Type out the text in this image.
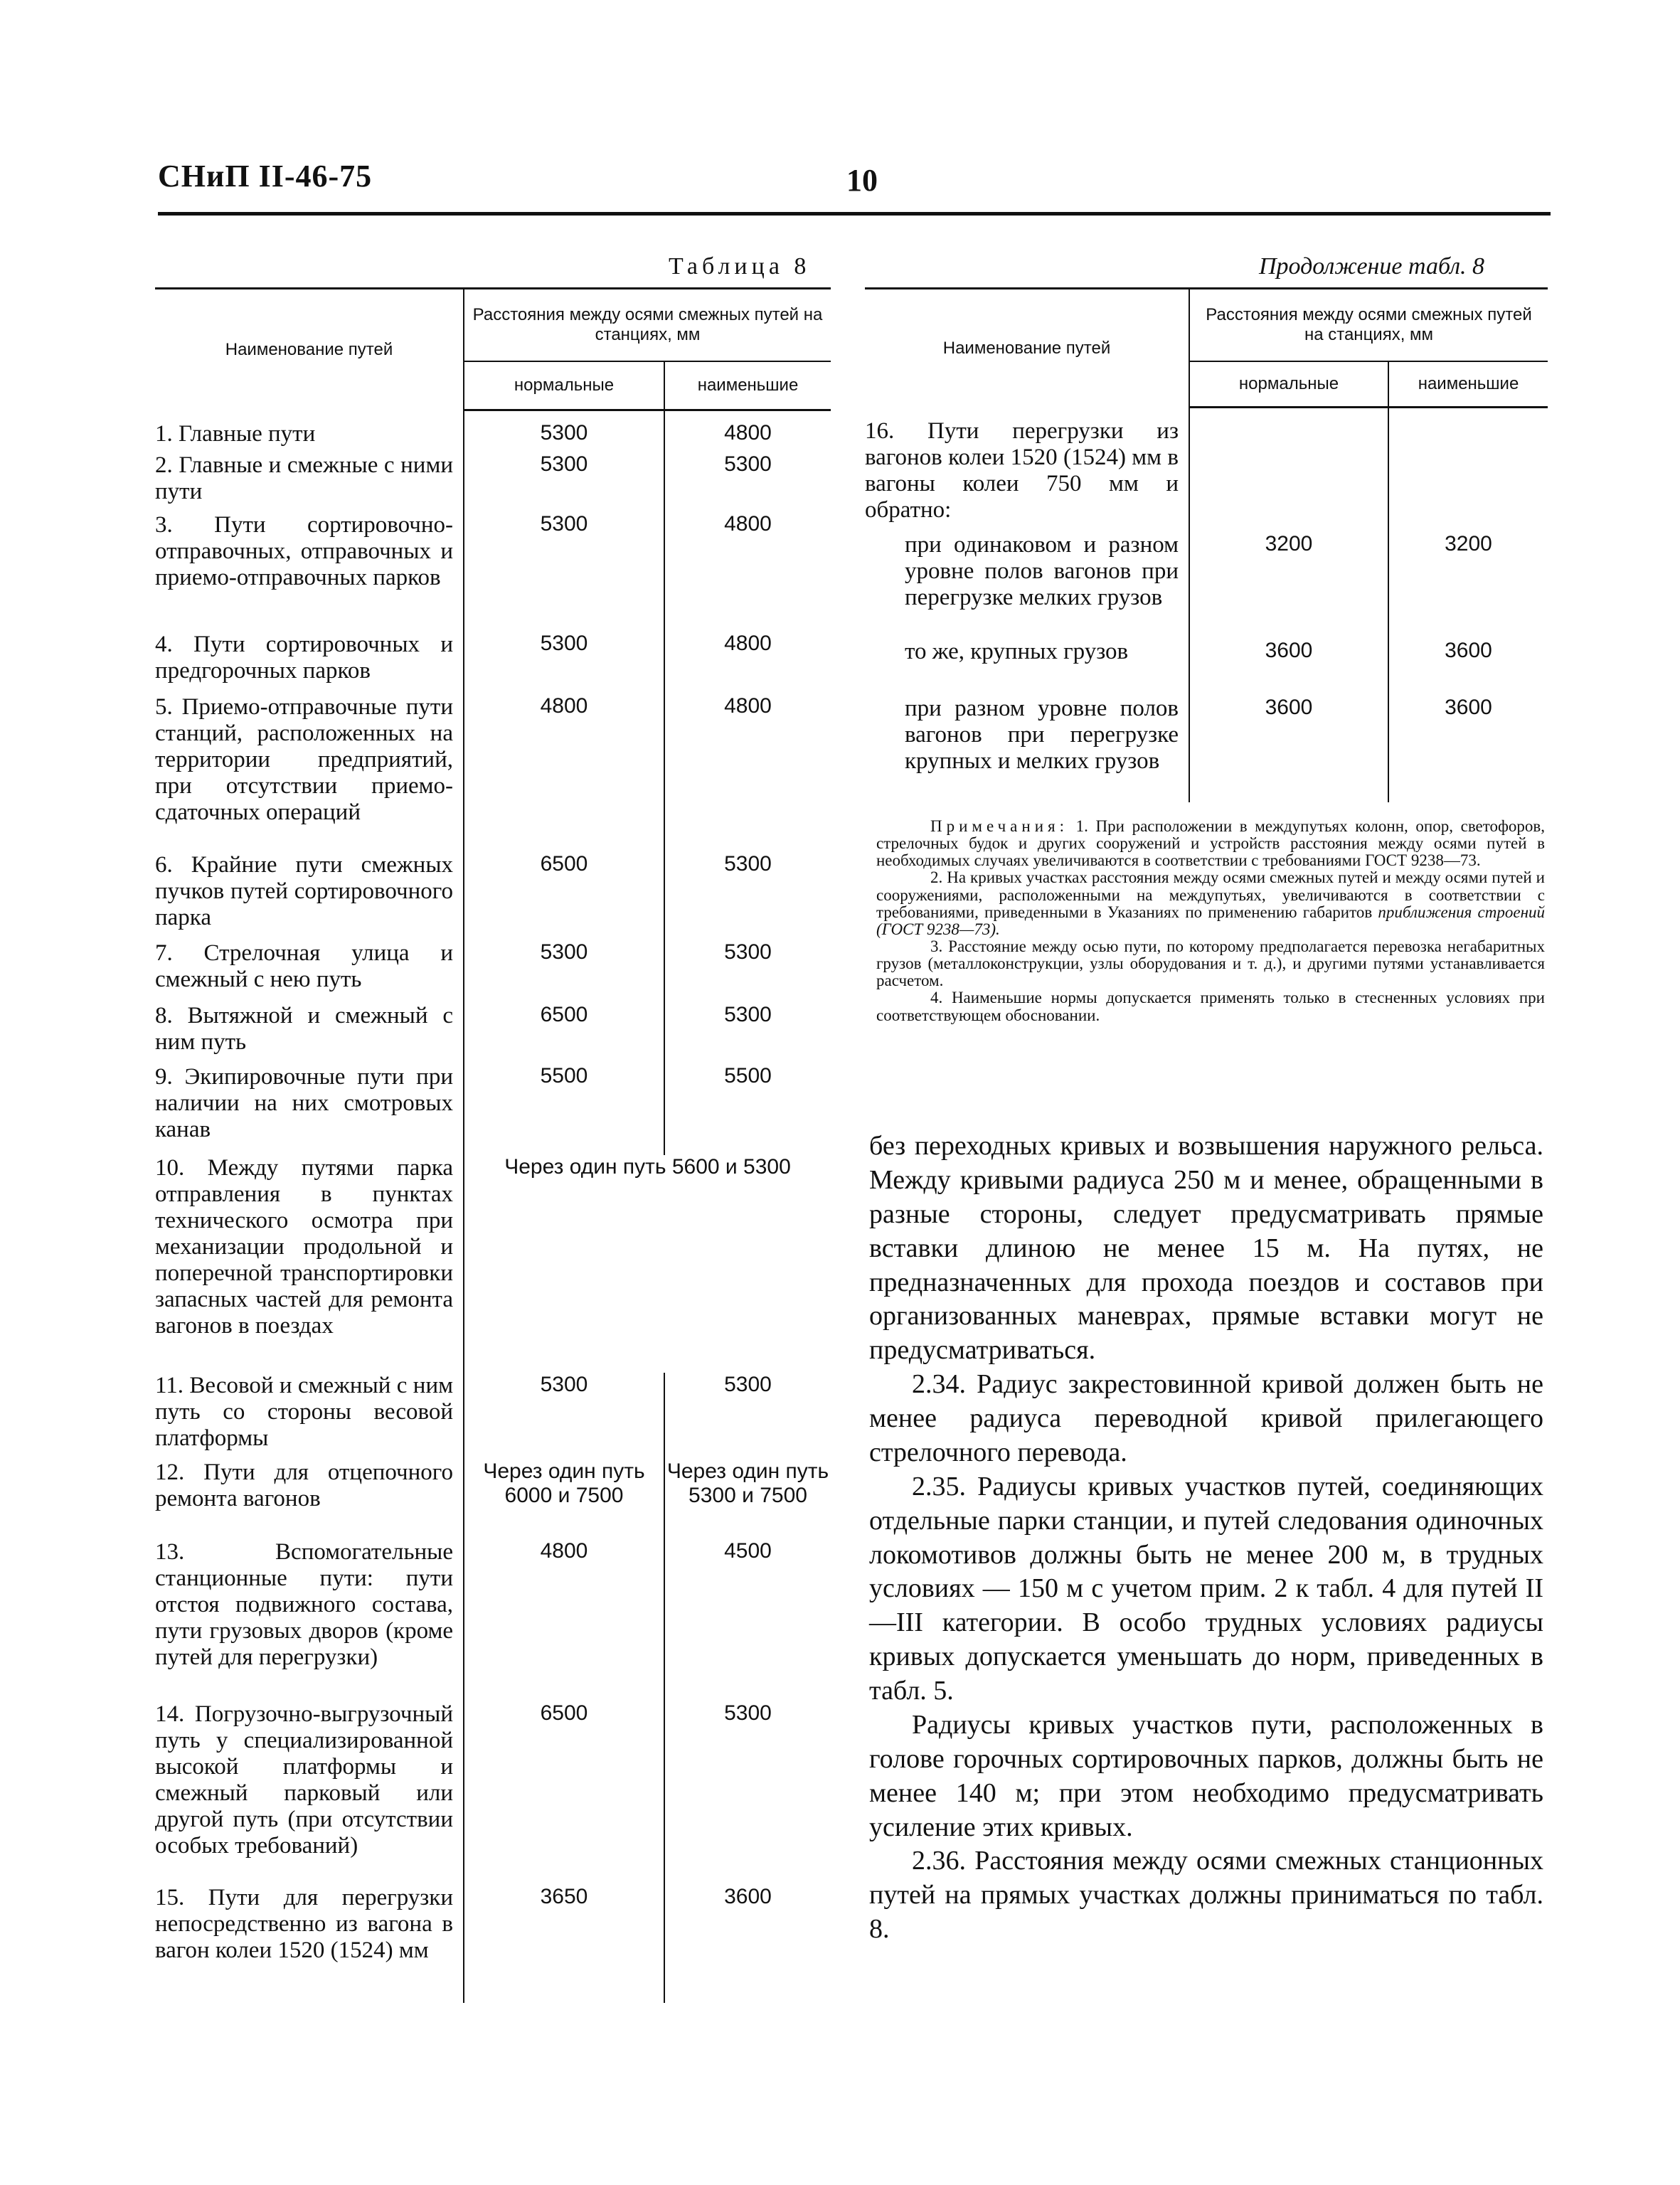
СНиП II-46-75	10
Таблица 8	Продолжение табл. 8
Наименование путей	Расстояния между осями смежных путей на станциях, мм	
	нормальные	наименьшие

1. Главные пути	5300	4800
2. Главные и смежные с ними пути	5300	5300
3. Пути сортировочно-отправочных, отправочных и приемо-отправочных парков	5300	4800
4. Пути сортировочных и предгорочных парков	5300	4800
5. Приемо-отправочные пути станций, расположенных на территории предприятий, при отсутствии приемо-сдаточных операций	4800	4800
6. Крайние пути смежных пучков путей сортировочного парка	6500	5300
7. Стрелочная улица и смежный с нею путь	5300	5300
8. Вытяжной и смежный с ним путь	6500	5300
9. Экипировочные пути при наличии на них смотровых канав	5500	5500
10. Между путями парка отправления в пунктах технического осмотра при механизации продольной и поперечной транспортировки запасных частей для ремонта вагонов в поездах	Через один путь 5600 и 5300	
11. Весовой и смежный с ним путь со стороны весовой платформы	5300	5300
12. Пути для отцепочного ремонта вагонов	Через один путь 6000 и 7500	Через один путь 5300 и 7500
13. Вспомогательные станционные пути: пути отстоя подвижного состава, пути грузовых дворов (кроме путей для перегрузки)	4800	4500
14. Погрузочно-выгрузочный путь у специализированной высокой платформы и смежный парковый или другой путь (при отсутствии особых требований)	6500	5300
15. Пути для перегрузки непосредственно из вагона в вагон колеи 1520 (1524) мм	3650	3600
Наименование путей	Расстояния между осями смежных путей на станциях, мм	
	нормальные	наименьшие

16. Пути перегрузки из вагонов колеи 1520 (1524) мм в вагоны колеи 750 мм и обратно:		
при одинаковом и разном уровне полов вагонов при перегрузке мелких грузов	3200	3200
то же, крупных грузов	3600	3600
при разном уровне полов вагонов при перегрузке крупных и мелких грузов	3600	3600

Примечания: 1. При расположении в междупутьях колонн, опор, светофоров, стрелочных будок и других сооружений и устройств расстояния между осями путей в необходимых случаях увеличиваются в соответствии с требованиями ГОСТ 9238—73.

2. На кривых участках расстояния между осями смежных путей и между осями путей и сооружениями, расположенными на междупутьях, увеличиваются в соответствии с требованиями, приведенными в Указаниях по применению габаритов приближения строений (ГОСТ 9238—73).

3. Расстояние между осью пути, по которому предполагается перевозка негабаритных грузов (металлоконструкции, узлы оборудования и т. д.), и другими путями устанавливается расчетом.

4. Наименьшие нормы допускается применять только в стесненных условиях при соответствующем обосновании.

без переходных кривых и возвышения наружного рельса. Между кривыми радиуса 250 м и менее, обращенными в разные стороны, следует предусматривать прямые вставки длиною не менее 15 м. На путях, не предназначенных для прохода поездов и составов при организованных маневрах, прямые вставки могут не предусматриваться.

2.34. Радиус закрестовинной кривой должен быть не менее радиуса переводной кривой прилегающего стрелочного перевода.

2.35. Радиусы кривых участков путей, соединяющих отдельные парки станции, и путей следования одиночных локомотивов должны быть не менее 200 м, в трудных условиях — 150 м с учетом прим. 2 к табл. 4 для путей II—III категории. В особо трудных условиях радиусы кривых допускается уменьшать до норм, приведенных в табл. 5.

Радиусы кривых участков пути, расположенных в голове горочных сортировочных парков, должны быть не менее 140 м; при этом необходимо предусматривать усиление этих кривых.

2.36. Расстояния между осями смежных станционных путей на прямых участках должны приниматься по табл. 8.
